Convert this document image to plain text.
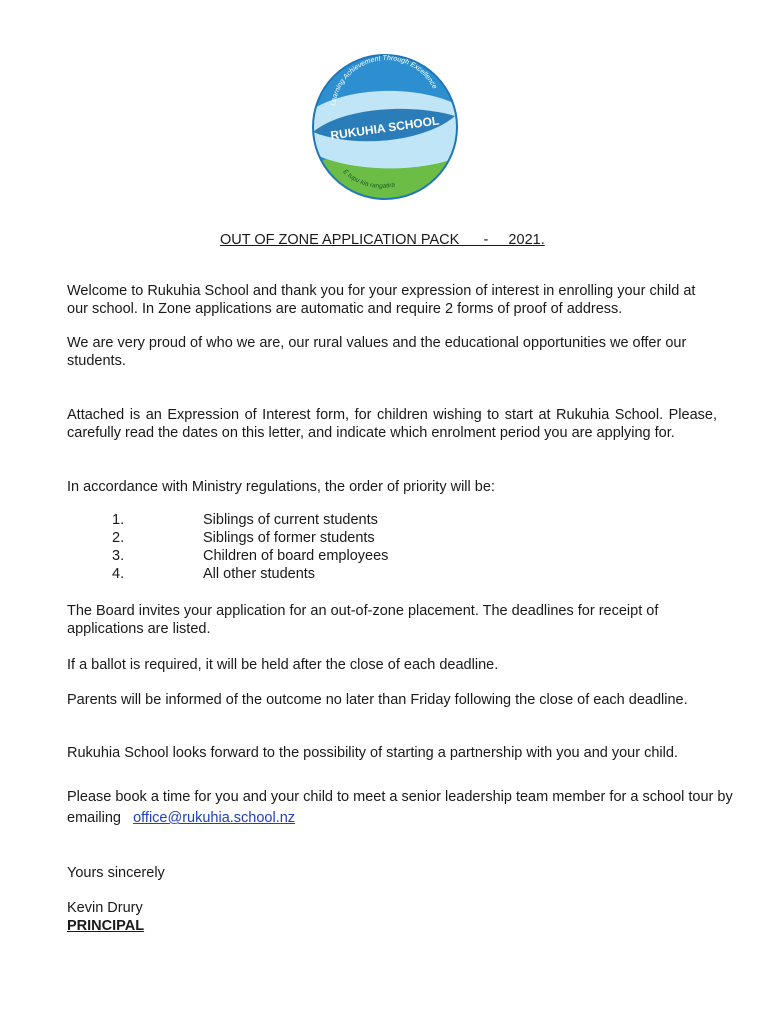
Learning Achievement Through Excellence
RUKUHIA SCHOOL
E tupu kia rangatira
OUT OF ZONE APPLICATION PACK      -     2021.

Welcome to Rukuhia School and thank you for your expression of interest in enrolling your child at our school. In Zone applications are automatic and require 2 forms of proof of address.

We are very proud of who we are, our rural values and the educational opportunities we offer our students.

Attached is an Expression of Interest form, for children wishing to start at Rukuhia School. Please, carefully read the dates on this letter, and indicate which enrolment period you are applying for.

In accordance with Ministry regulations, the order of priority will be:

1.	Siblings of current students
2.	Siblings of former students
3.	Children of board employees
4.	All other students

The Board invites your application for an out-of-zone placement. The deadlines for receipt of applications are listed.

If a ballot is required, it will be held after the close of each deadline.

Parents will be informed of the outcome no later than Friday following the close of each deadline.

Rukuhia School looks forward to the possibility of starting a partnership with you and your child.

Please book a time for you and your child to meet a senior leadership team member for a school tour by emailing office@rukuhia.school.nz

Yours sincerely

Kevin Drury

PRINCIPAL
